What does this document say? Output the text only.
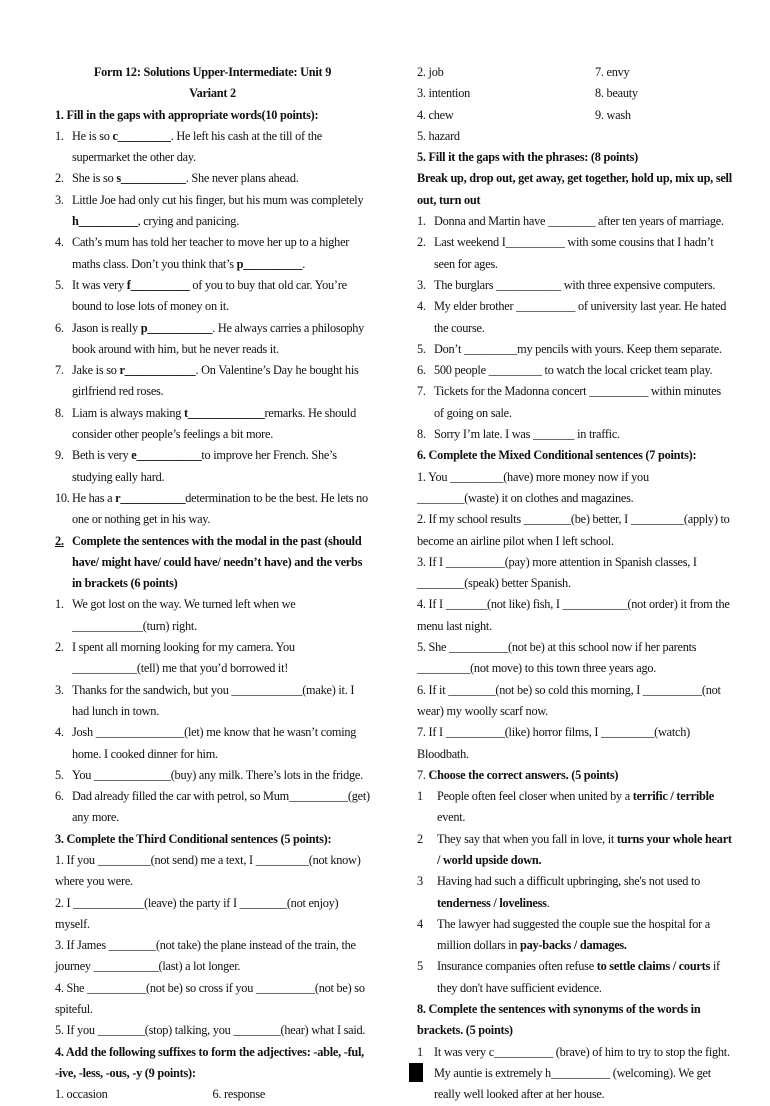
Form 12: Solutions Upper-Intermediate: Unit 9
Variant 2
1. Fill in the gaps with appropriate words(10 points):
1. He is so c_________. He left his cash at the till of the supermarket the other day.
2. She is so s___________. She never plans ahead.
3. Little Joe had only cut his finger, but his mum was completely h__________, crying and panicing.
4. Cath’s mum has told her teacher to move her up to a higher maths class. Don’t you think that’s p__________.
5. It was very f__________ of you to buy that old car. You’re bound to lose lots of money on it.
6. Jason is really p___________. He always carries a philosophy book around with him, but he never reads it.
7. Jake is so r____________. On Valentine’s Day he bought his girlfriend red roses.
8. Liam is always making t_____________remarks. He should consider other people’s feelings a bit more.
9. Beth is very e___________to improve her French. She’s studying eally hard.
10. He has a r___________determination to be the best. He lets no one or nothing get in his way.
2. Complete the sentences with the modal in the past (should have/ might have/ could have/ needn’t have) and the verbs in brackets (6 points)
1. We got lost on the way. We turned left when we ____________(turn) right.
2. I spent all morning looking for my camera. You ___________(tell) me that you’d borrowed it!
3. Thanks for the sandwich, but you ____________(make) it. I had lunch in town.
4. Josh _______________(let) me know that he wasn’t coming home. I cooked dinner for him.
5. You _____________(buy) any milk. There’s lots in the fridge.
6. Dad already filled the car with petrol, so Mum__________(get) any more.
3. Complete the Third Conditional sentences (5 points):
1. If you _________(not send) me a text, I _________(not know) where you were.
2. I ____________(leave) the party if I ________(not enjoy) myself.
3. If James ________(not take) the plane instead of the train, the journey ___________(last) a lot longer.
4. She __________(not be) so cross if you __________(not be) so spiteful.
5. If you ________(stop) talking, you ________(hear) what I said.
4. Add the following suffixes to form the adjectives: -able, -ful, -ive, -less, -ous, -y (9 points):
1. occasion	6. response
2. job	7. envy
3. intention	8. beauty
4. chew	9. wash
5. hazard
5. Fill it the gaps with the phrases: (8 points)
Break up, drop out, get away, get together, hold up, mix up, sell out, turn out
1. Donna and Martin have ________ after ten years of marriage.
2. Last weekend I__________ with some cousins that I hadn’t seen for ages.
3. The burglars ___________ with three expensive computers.
4. My elder brother __________ of university last year. He hated the course.
5. Don’t _________my pencils with yours. Keep them separate.
6. 500 people _________ to watch the local cricket team play.
7. Tickets for the Madonna concert __________ within minutes of going on sale.
8. Sorry I’m late. I was _______ in traffic.
6. Complete the Mixed Conditional sentences (7 points):
1. You _________(have) more money now if you ________(waste) it on clothes and magazines.
2. If my school results ________(be) better, I _________(apply) to become an airline pilot when I left school.
3. If I __________(pay) more attention in Spanish classes, I ________(speak) better Spanish.
4. If I _______(not like) fish, I ___________(not order) it from the menu last night.
5. She __________(not be) at this school now if her parents _________(not move) to this town three years ago.
6. If it ________(not be) so cold this morning, I __________(not wear) my woolly scarf now.
7. If I __________(like) horror films, I _________(watch) Bloodbath.
7. Choose the correct answers. (5 points)
1	People often feel closer when united by a terrific / terrible event.
2	They say that when you fall in love, it turns your whole heart / world upside down.
3	Having had such a difficult upbringing, she's not used to tenderness / loveliness.
4	The lawyer had suggested the couple sue the hospital for a million dollars in pay-backs / damages.
5	Insurance companies often refuse to settle claims / courts if they don't have sufficient evidence.
8. Complete the sentences with synonyms of the words in brackets. (5 points)
1 It was very c__________ (brave) of him to try to stop the fight.
My auntie is extremely h__________ (welcoming). We get really well looked after at her house.
